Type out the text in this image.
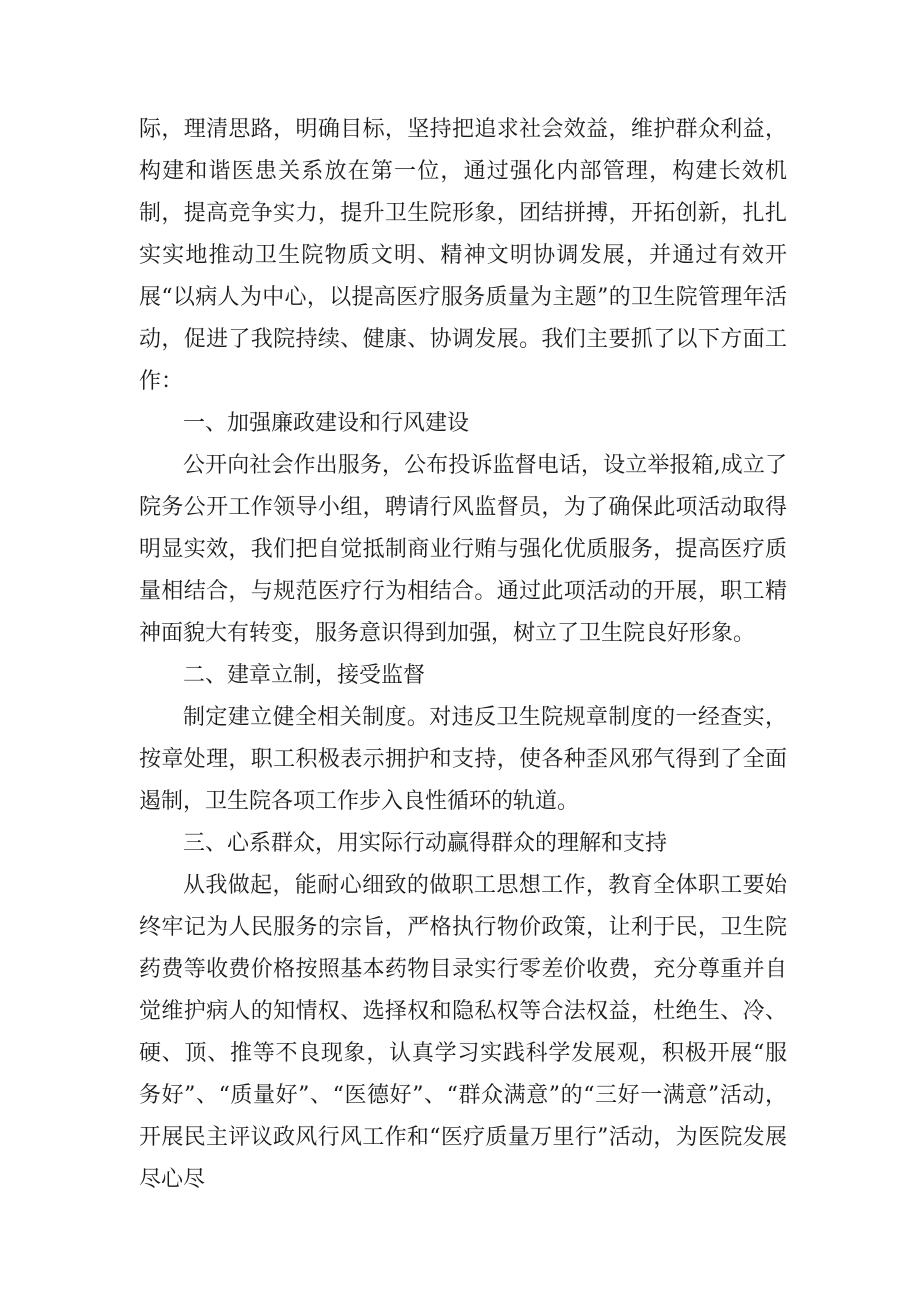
际，理清思路，明确目标，坚持把追求社会效益，维护群众利益，构建和谐医患关系放在第一位，通过强化内部管理，构建长效机制，提高竞争实力，提升卫生院形象，团结拼搏，开拓创新，扎扎实实地推动卫生院物质文明、精神文明协调发展，并通过有效开展“以病人为中心，以提高医疗服务质量为主题”的卫生院管理年活动，促进了我院持续、健康、协调发展。我们主要抓了以下方面工作：

一、加强廉政建设和行风建设

公开向社会作出服务，公布投诉监督电话，设立举报箱,成立了院务公开工作领导小组，聘请行风监督员，为了确保此项活动取得明显实效，我们把自觉抵制商业行贿与强化优质服务，提高医疗质量相结合，与规范医疗行为相结合。通过此项活动的开展，职工精神面貌大有转变，服务意识得到加强，树立了卫生院良好形象。

二、建章立制，接受监督

制定建立健全相关制度。对违反卫生院规章制度的一经查实，按章处理，职工积极表示拥护和支持，使各种歪风邪气得到了全面遏制，卫生院各项工作步入良性循环的轨道。

三、心系群众，用实际行动赢得群众的理解和支持

从我做起，能耐心细致的做职工思想工作，教育全体职工要始终牢记为人民服务的宗旨，严格执行物价政策，让利于民，卫生院药费等收费价格按照基本药物目录实行零差价收费，充分尊重并自觉维护病人的知情权、选择权和隐私权等合法权益，杜绝生、冷、硬、顶、推等不良现象，认真学习实践科学发展观，积极开展“服务好”、“质量好”、“医德好”、“群众满意”的“三好一满意”活动，开展民主评议政风行风工作和“医疗质量万里行”活动，为医院发展尽心尽
